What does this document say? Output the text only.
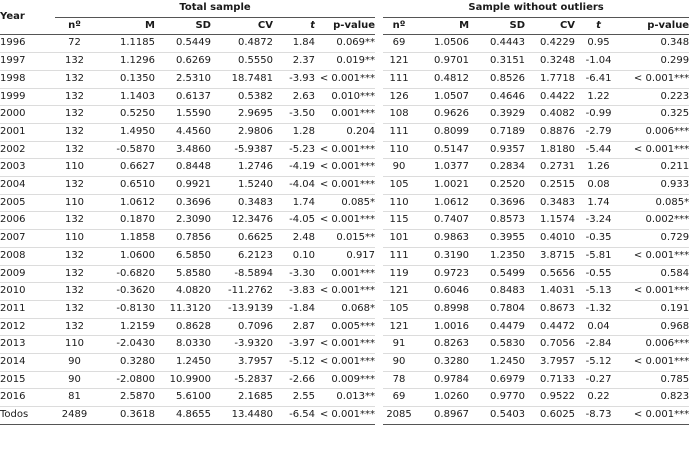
Year	Total sample							Sample without outliers					
	nº	M	SD	CV	t	p-value		nº	M	SD	CV	t	p-value
1996	72	1.1185	0.5449	0.4872	1.84	0.069**		69	1.0506	0.4443	0.4229	0.95	0.348
1997	132	1.1296	0.6269	0.5550	2.37	0.019**		121	0.9701	0.3151	0.3248	-1.04	0.299
1998	132	0.1350	2.5310	18.7481	-3.93	< 0.001***		111	0.4812	0.8526	1.7718	-6.41	< 0.001***
1999	132	1.1403	0.6137	0.5382	2.63	0.010***		126	1.0507	0.4646	0.4422	1.22	0.223
2000	132	0.5250	1.5590	2.9695	-3.50	0.001***		108	0.9626	0.3929	0.4082	-0.99	0.325
2001	132	1.4950	4.4560	2.9806	1.28	0.204		111	0.8099	0.7189	0.8876	-2.79	0.006***
2002	132	-0.5870	3.4860	-5.9387	-5.23	< 0.001***		110	0.5147	0.9357	1.8180	-5.44	< 0.001***
2003	110	0.6627	0.8448	1.2746	-4.19	< 0.001***		90	1.0377	0.2834	0.2731	1.26	0.211
2004	132	0.6510	0.9921	1.5240	-4.04	< 0.001***		105	1.0021	0.2520	0.2515	0.08	0.933
2005	110	1.0612	0.3696	0.3483	1.74	0.085*		110	1.0612	0.3696	0.3483	1.74	0.085*
2006	132	0.1870	2.3090	12.3476	-4.05	< 0.001***		115	0.7407	0.8573	1.1574	-3.24	0.002***
2007	110	1.1858	0.7856	0.6625	2.48	0.015**		101	0.9863	0.3955	0.4010	-0.35	0.729
2008	132	1.0600	6.5850	6.2123	0.10	0.917		111	0.3190	1.2350	3.8715	-5.81	< 0.001***
2009	132	-0.6820	5.8580	-8.5894	-3.30	0.001***		119	0.9723	0.5499	0.5656	-0.55	0.584
2010	132	-0.3620	4.0820	-11.2762	-3.83	< 0.001***		121	0.6046	0.8483	1.4031	-5.13	< 0.001***
2011	132	-0.8130	11.3120	-13.9139	-1.84	0.068*		105	0.8998	0.7804	0.8673	-1.32	0.191
2012	132	1.2159	0.8628	0.7096	2.87	0.005***		121	1.0016	0.4479	0.4472	0.04	0.968
2013	110	-2.0430	8.0330	-3.9320	-3.97	< 0.001***		91	0.8263	0.5830	0.7056	-2.84	0.006***
2014	90	0.3280	1.2450	3.7957	-5.12	< 0.001***		90	0.3280	1.2450	3.7957	-5.12	< 0.001***
2015	90	-2.0800	10.9900	-5.2837	-2.66	0.009***		78	0.9784	0.6979	0.7133	-0.27	0.785
2016	81	2.5870	5.6100	2.1685	2.55	0.013**		69	1.0260	0.9770	0.9522	0.22	0.823
Todos	2489	0.3618	4.8655	13.4480	-6.54	< 0.001***		2085	0.8967	0.5403	0.6025	-8.73	< 0.001***
